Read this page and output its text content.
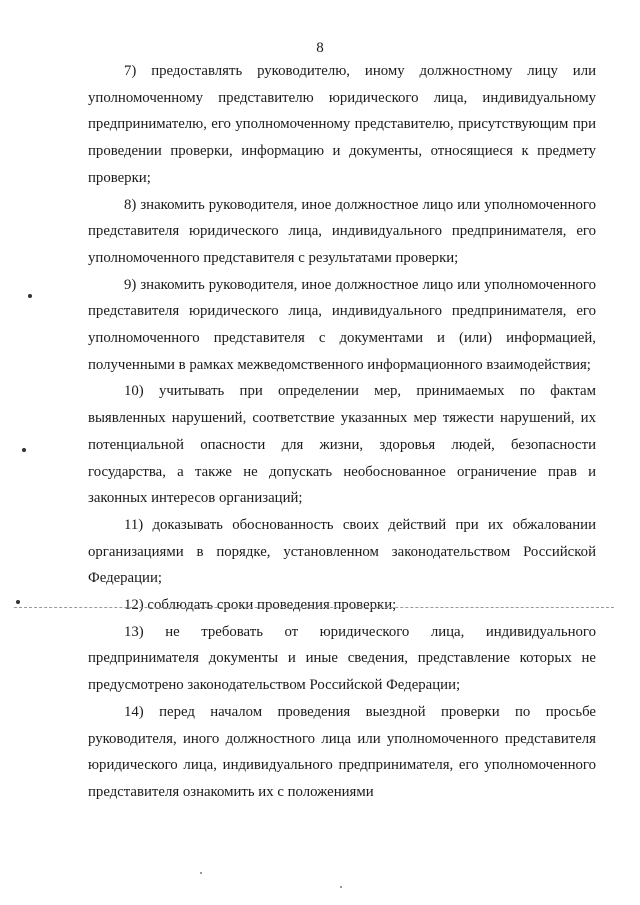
8

7) предоставлять руководителю, иному должностному лицу или уполномоченному представителю юридического лица, индивидуальному предпринимателю, его уполномоченному представителю, присутствующим при проведении проверки, информацию и документы, относящиеся к предмету проверки;

8) знакомить руководителя, иное должностное лицо или уполномоченного представителя юридического лица, индивидуального предпринимателя, его уполномоченного представителя с результатами проверки;

9) знакомить руководителя, иное должностное лицо или уполномоченного представителя юридического лица, индивидуального предпринимателя, его уполномоченного представителя с документами и (или) информацией, полученными в рамках межведомственного информационного взаимодействия;

10) учитывать при определении мер, принимаемых по фактам выявленных нарушений, соответствие указанных мер тяжести нарушений, их потенциальной опасности для жизни, здоровья людей, безопасности государства, а также не допускать необоснованное ограничение прав и законных интересов организаций;

11) доказывать обоснованность своих действий при их обжаловании организациями в порядке, установленном законодательством Российской Федерации;

12) соблюдать сроки проведения проверки;

13) не требовать от юридического лица, индивидуального предпринимателя документы и иные сведения, представление которых не предусмотрено законодательством Российской Федерации;

14) перед началом проведения выездной проверки по просьбе руководителя, иного должностного лица или уполномоченного представителя юридического лица, индивидуального предпринимателя, его уполномоченного представителя ознакомить их с положениями
